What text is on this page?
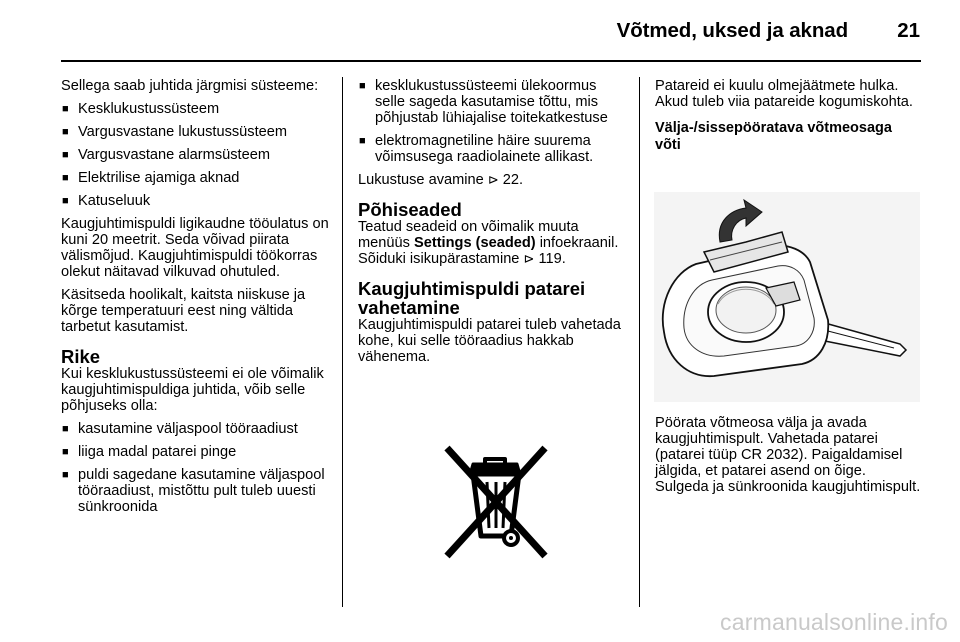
Võtmed, uksed ja aknad 21

Sellega saab juhtida järgmisi süsteeme:

■ Kesklukustussüsteem
■ Vargusvastane lukustussüsteem
■ Vargusvastane alarmsüsteem
■ Elektrilise ajamiga aknad
■ Katuseluuk

Kaugjuhtimispuldi ligikaudne tööulatus on kuni 20 meetrit. Seda võivad piirata välismõjud. Kaugjuhtimispuldi töökorras olekut näitavad vilkuvad ohutuled.

Käsitseda hoolikalt, kaitsta niiskuse ja kõrge temperatuuri eest ning vältida tarbetut kasutamist.

Rike

Kui kesklukustussüsteemi ei ole võimalik kaugjuhtimispuldiga juhtida, võib selle põhjuseks olla:

■ kasutamine väljaspool tööraadiust
■ liiga madal patarei pinge
■ puldi sagedane kasutamine väljaspool tööraadiust, mistõttu pult tuleb uuesti sünkroonida
■ kesklukustussüsteemi ülekoormus selle sageda kasutamise tõttu, mis põhjustab lühiajalise toitekatkestuse
■ elektromagnetiline häire suurema võimsusega raadiolainete allikast.

Lukustuse avamine ⊳ 22.

Põhiseaded

Teatud seadeid on võimalik muuta menüüs Settings (seaded) infoekraanil. Sõiduki isikupärastamine ⊳ 119.

Kaugjuhtimispuldi patarei vahetamine

Kaugjuhtimispuldi patarei tuleb vahetada kohe, kui selle tööraadius hakkab vähenema.

Patareid ei kuulu olmejäätmete hulka. Akud tuleb viia patareide kogumiskohta.

Välja-/sissepööratava võtmeosaga võti

Pöörata võtmeosa välja ja avada kaugjuhtimispult. Vahetada patarei (patarei tüüp CR 2032). Paigaldamisel jälgida, et patarei asend on õige. Sulgeda ja sünkroonida kaugjuhtimispult.

carmanualsonline.info
